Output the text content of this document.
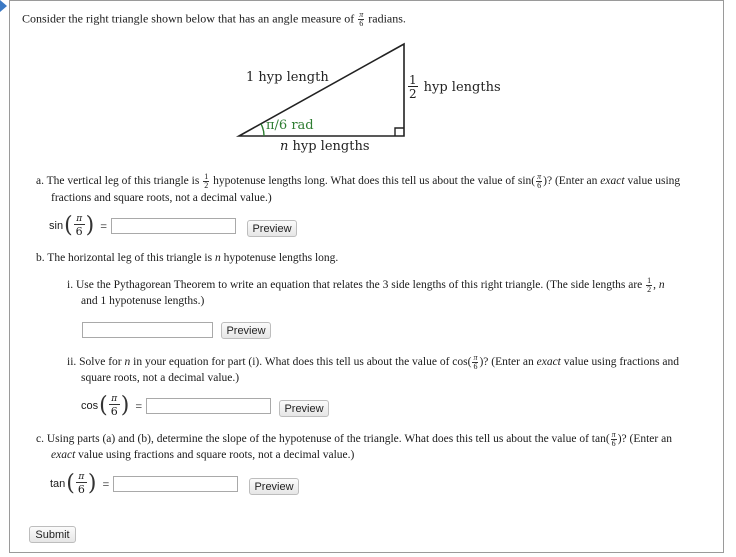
Consider the right triangle shown below that has an angle measure of $\frac{\pi}{6}$ radians.
1 hyp length	$\frac{1}{2}$ hyp lengths
π/6 rad
n hyp lengths
a. The vertical leg of this triangle is $\frac{1}{2}$ hypotenuse lengths long. What does this tell us about the value of $\sin( \frac{\pi}{6}$ )? (Enter an exact value using
fractions and square roots, not a decimal value.)
sin ( $\frac{\pi}{6}$ ) =	Preview
b. The horizontal leg of this triangle is n hypotenuse lengths long.
i. Use the Pythagorean Theorem to write an equation that relates the 3 side lengths of this right triangle. (The side lengths are $\frac{1}{2}$ , n
and 1 hypotenuse lengths.)
Preview
ii. Solve for n in your equation for part (i). What does this tell us about the value of $\cos( \frac{\pi}{6}$ )? (Enter an exact value using fractions and
square roots, not a decimal value.)
cos ( $\frac{\pi}{6}$ ) =	Preview
c. Using parts (a) and (b), determine the slope of the hypotenuse of the triangle. What does this tell us about the value of $\tan( \frac{\pi}{6}$ )? (Enter an
exact value using fractions and square roots, not a decimal value.)
tan ( $\frac{\pi}{6}$ ) =	Preview
Submit
